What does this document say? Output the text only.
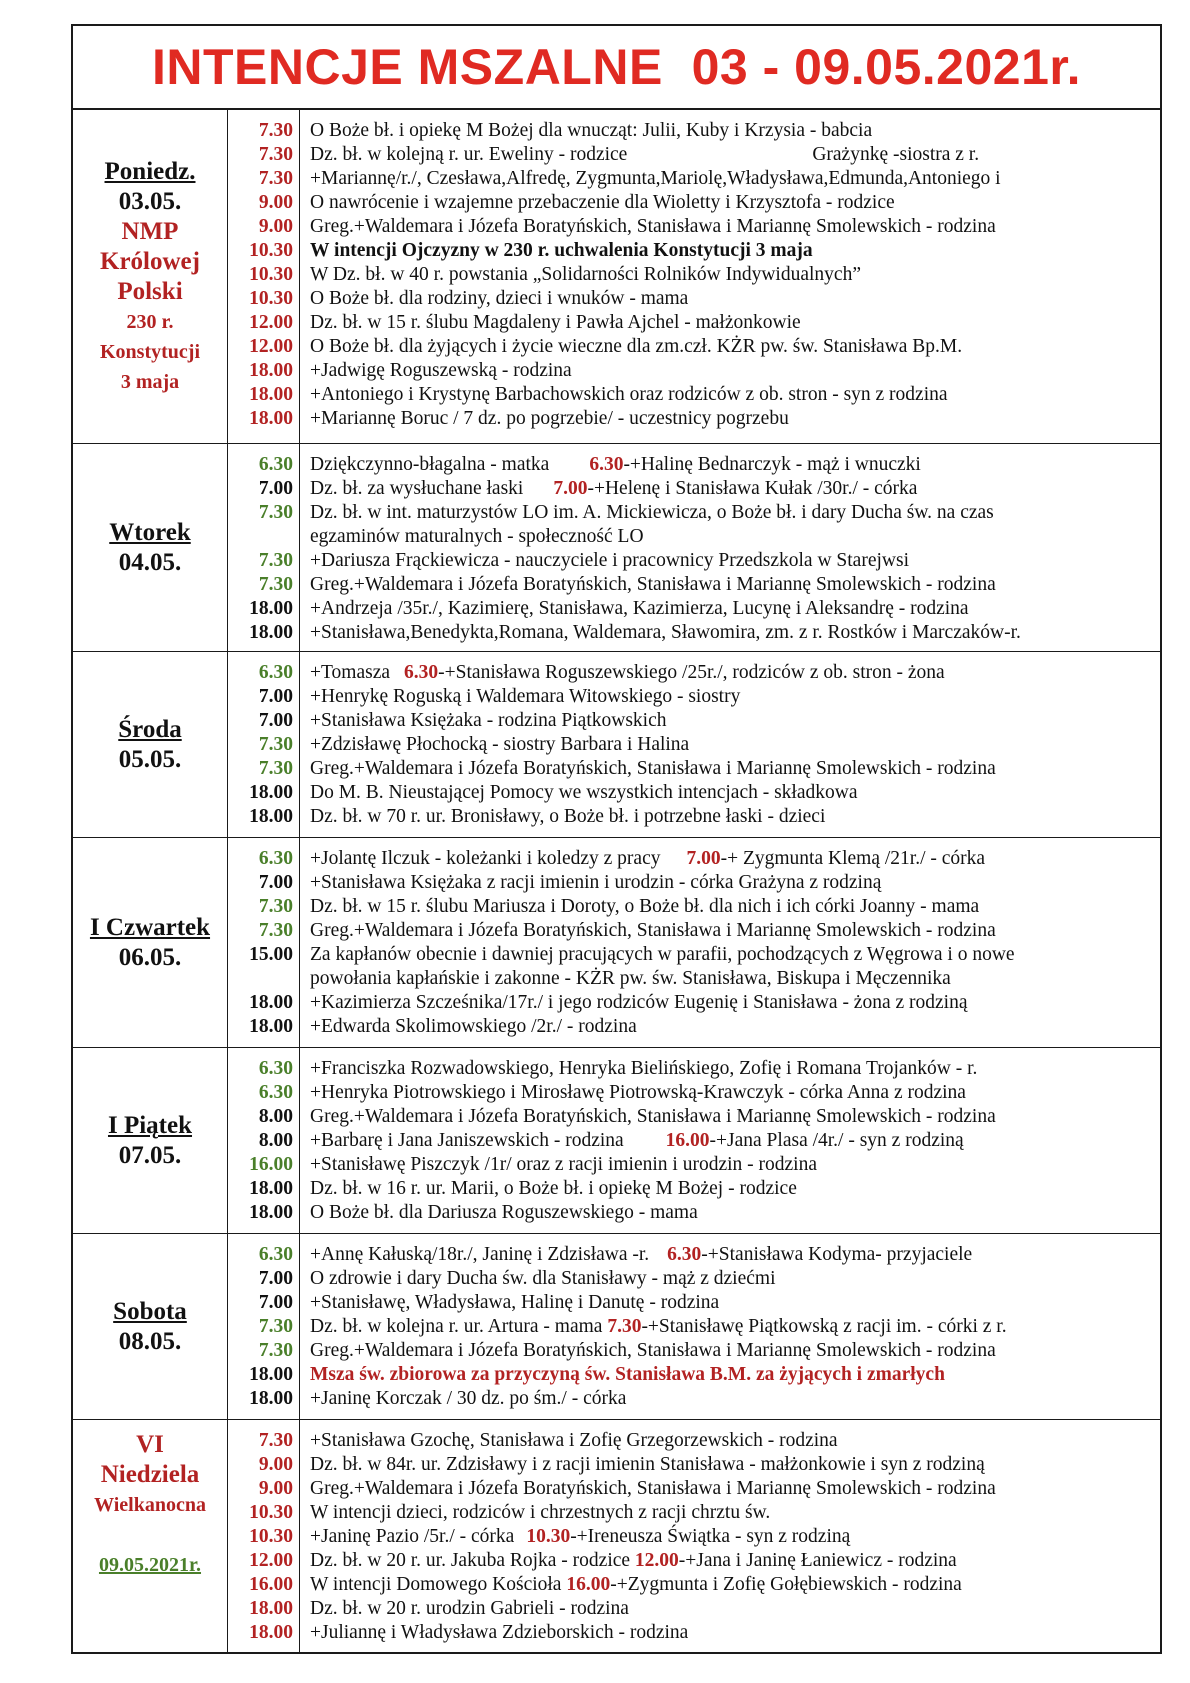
INTENCJE MSZALNE  03 - 09.05.2021r.
Poniedz.
03.05.
NMP
Królowej
Polski
230 r.
Konstytucji
3 maja
7.30
7.30
7.30
9.00
9.00
10.30
10.30
10.30
12.00
12.00
18.00
18.00
18.00
O Boże bł. i opiekę M Bożej dla wnucząt: Julii, Kuby i Krzysia - babcia
Dz. bł. w kolejną r. ur. Eweliny - rodzice	Grażynkę -siostra z r.
+Mariannę/r./, Czesława,Alfredę, Zygmunta,Mariolę,Władysława,Edmunda,Antoniego i
O nawrócenie i wzajemne przebaczenie dla Wioletty i Krzysztofa - rodzice
Greg.+Waldemara i Józefa Boratyńskich, Stanisława i Mariannę Smolewskich - rodzina
W intencji Ojczyzny w 230 r. uchwalenia Konstytucji 3 maja
W Dz. bł. w 40 r. powstania „Solidarności Rolników Indywidualnych”
O Boże bł. dla rodziny, dzieci i wnuków - mama
Dz. bł. w 15 r. ślubu Magdaleny i Pawła Ajchel - małżonkowie
O Boże bł. dla żyjących i życie wieczne dla zm.czł. KŻR pw. św. Stanisława Bp.M.
+Jadwigę Roguszewską - rodzina
+Antoniego i Krystynę Barbachowskich oraz rodziców z ob. stron - syn z rodzina
+Mariannę Boruc / 7 dz. po pogrzebie/ - uczestnicy pogrzebu
Wtorek
04.05.
6.30
7.00
7.30
7.30
7.30
18.00
18.00
Dziękczynno-błagalna - matka 6.30-+Halinę Bednarczyk - mąż i wnuczki
Dz. bł. za wysłuchane łaski 7.00-+Helenę i Stanisława Kułak /30r./ - córka
Dz. bł. w int. maturzystów LO im. A. Mickiewicza, o Boże bł. i dary Ducha św. na czas
egzaminów maturalnych - społeczność LO
+Dariusza Frąckiewicza - nauczyciele i pracownicy Przedszkola w Starejwsi
Greg.+Waldemara i Józefa Boratyńskich, Stanisława i Mariannę Smolewskich - rodzina
+Andrzeja /35r./, Kazimierę, Stanisława, Kazimierza, Lucynę i Aleksandrę - rodzina
+Stanisława,Benedykta,Romana, Waldemara, Sławomira, zm. z r. Rostków i Marczaków-r.
Środa
05.05.
6.30
7.00
7.00
7.30
7.30
18.00
18.00
+Tomasza 6.30-+Stanisława Roguszewskiego /25r./, rodziców z ob. stron - żona
+Henrykę Roguską i Waldemara Witowskiego - siostry
+Stanisława Księżaka - rodzina Piątkowskich
+Zdzisławę Płochocką - siostry Barbara i Halina
Greg.+Waldemara i Józefa Boratyńskich, Stanisława i Mariannę Smolewskich - rodzina
Do M. B. Nieustającej Pomocy we wszystkich intencjach - składkowa
Dz. bł. w 70 r. ur. Bronisławy, o Boże bł. i potrzebne łaski - dzieci
I Czwartek
06.05.
6.30
7.00
7.30
7.30
15.00
18.00
18.00
+Jolantę Ilczuk - koleżanki i koledzy z pracy 7.00-+ Zygmunta Klemą /21r./ - córka
+Stanisława Księżaka z racji imienin i urodzin - córka Grażyna z rodziną
Dz. bł. w 15 r. ślubu Mariusza i Doroty, o Boże bł. dla nich i ich córki Joanny - mama
Greg.+Waldemara i Józefa Boratyńskich, Stanisława i Mariannę Smolewskich - rodzina
Za kapłanów obecnie i dawniej pracujących w parafii, pochodzących z Węgrowa i o nowe
powołania kapłańskie i zakonne - KŻR pw. św. Stanisława, Biskupa i Męczennika
+Kazimierza Szcześnika/17r./ i jego rodziców Eugenię i Stanisława - żona z rodziną
+Edwarda Skolimowskiego /2r./ - rodzina
I Piątek
07.05.
6.30
6.30
8.00
8.00
16.00
18.00
18.00
+Franciszka Rozwadowskiego, Henryka Bielińskiego, Zofię i Romana Trojanków - r.
+Henryka Piotrowskiego i Mirosławę Piotrowską-Krawczyk - córka Anna z rodzina
Greg.+Waldemara i Józefa Boratyńskich, Stanisława i Mariannę Smolewskich - rodzina
+Barbarę i Jana Janiszewskich - rodzina 16.00-+Jana Plasa /4r./ - syn z rodziną
+Stanisławę Piszczyk /1r/ oraz z racji imienin i urodzin - rodzina
Dz. bł. w 16 r. ur. Marii, o Boże bł. i opiekę M Bożej - rodzice
O Boże bł. dla Dariusza Roguszewskiego - mama
Sobota
08.05.
6.30
7.00
7.00
7.30
7.30
18.00
18.00
+Annę Kałuską/18r./, Janinę i Zdzisława -r. 6.30-+Stanisława Kodyma- przyjaciele
O zdrowie i dary Ducha św. dla Stanisławy - mąż z dziećmi
+Stanisławę, Władysława, Halinę i Danutę - rodzina
Dz. bł. w kolejna r. ur. Artura - mama 7.30-+Stanisławę Piątkowską z racji im. - córki z r.
Greg.+Waldemara i Józefa Boratyńskich, Stanisława i Mariannę Smolewskich - rodzina
Msza św. zbiorowa za przyczyną św. Stanisława B.M. za żyjących i zmarłych
+Janinę Korczak / 30 dz. po śm./ - córka
VI
Niedziela
Wielkanocna
09.05.2021r.
7.30
9.00
9.00
10.30
10.30
12.00
16.00
18.00
18.00
+Stanisława Gzochę, Stanisława i Zofię Grzegorzewskich - rodzina
Dz. bł. w 84r. ur. Zdzisławy i z racji imienin Stanisława - małżonkowie i syn z rodziną
Greg.+Waldemara i Józefa Boratyńskich, Stanisława i Mariannę Smolewskich - rodzina
W intencji dzieci, rodziców i chrzestnych z racji chrztu św.
+Janinę Pazio /5r./ - córka 10.30-+Ireneusza Świątka - syn z rodziną
Dz. bł. w 20 r. ur. Jakuba Rojka - rodzice 12.00-+Jana i Janinę Łaniewicz - rodzina
W intencji Domowego Kościoła 16.00-+Zygmunta i Zofię Gołębiewskich - rodzina
Dz. bł. w 20 r. urodzin Gabrieli - rodzina
+Juliannę i Władysława Zdzieborskich - rodzina
